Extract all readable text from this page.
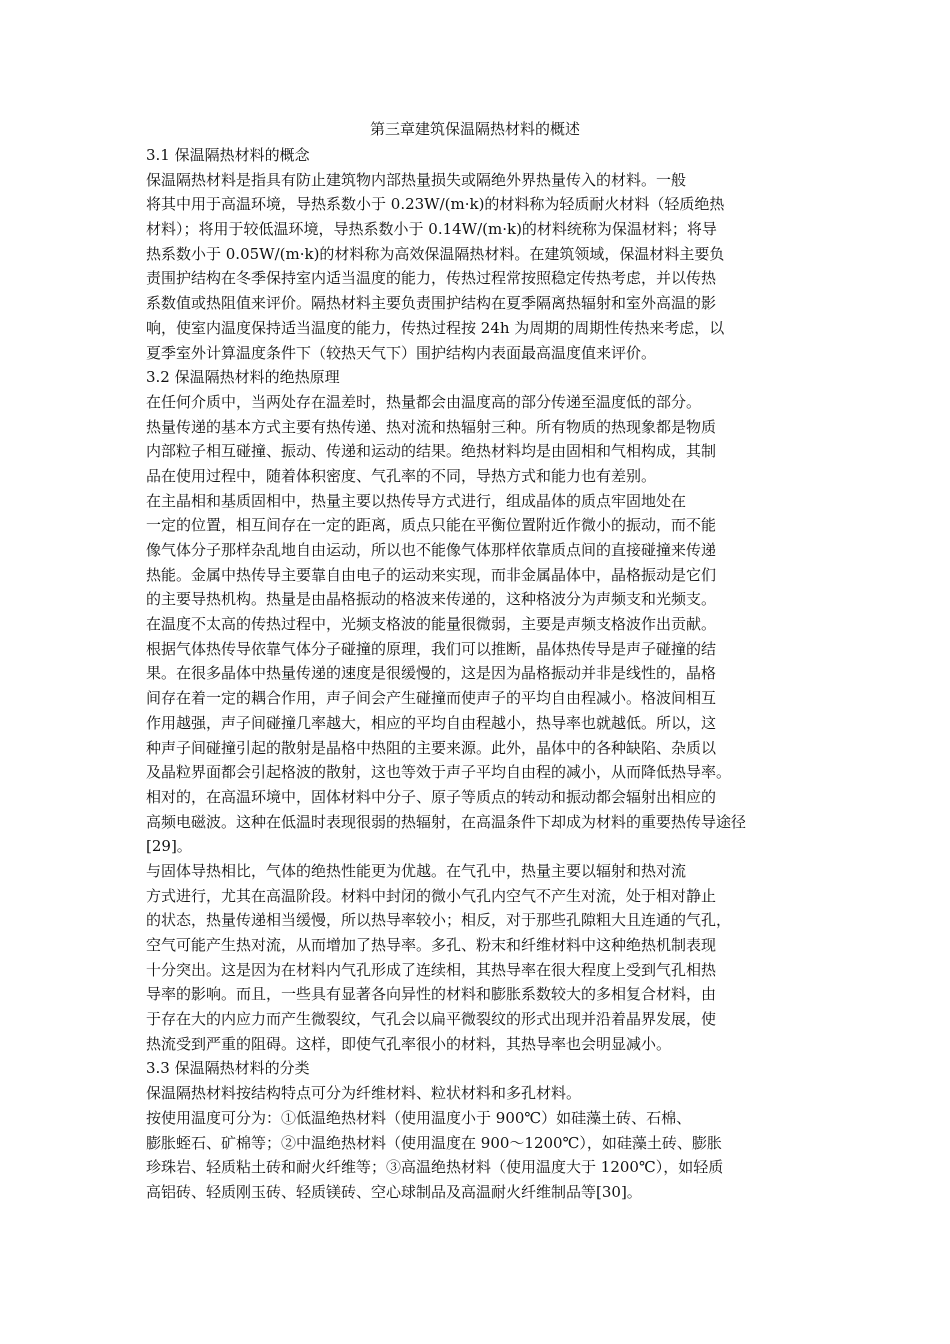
第三章建筑保温隔热材料的概述
3.1 保温隔热材料的概念
保温隔热材料是指具有防止建筑物内部热量损失或隔绝外界热量传入的材料。一般
将其中用于高温环境，导热系数小于 0.23W/(m·k)的材料称为轻质耐火材料（轻质绝热
材料）；将用于较低温环境，导热系数小于 0.14W/(m·k)的材料统称为保温材料；将导
热系数小于 0.05W/(m·k)的材料称为高效保温隔热材料。在建筑领域，保温材料主要负
责围护结构在冬季保持室内适当温度的能力，传热过程常按照稳定传热考虑，并以传热
系数值或热阻值来评价。隔热材料主要负责围护结构在夏季隔离热辐射和室外高温的影
响，使室内温度保持适当温度的能力，传热过程按 24h 为周期的周期性传热来考虑，以
夏季室外计算温度条件下（较热天气下）围护结构内表面最高温度值来评价。
3.2 保温隔热材料的绝热原理
在任何介质中，当两处存在温差时，热量都会由温度高的部分传递至温度低的部分。
热量传递的基本方式主要有热传递、热对流和热辐射三种。所有物质的热现象都是物质
内部粒子相互碰撞、振动、传递和运动的结果。绝热材料均是由固相和气相构成，其制
品在使用过程中，随着体积密度、气孔率的不同，导热方式和能力也有差别。
在主晶相和基质固相中，热量主要以热传导方式进行，组成晶体的质点牢固地处在
一定的位置，相互间存在一定的距离，质点只能在平衡位置附近作微小的振动，而不能
像气体分子那样杂乱地自由运动，所以也不能像气体那样依靠质点间的直接碰撞来传递
热能。金属中热传导主要靠自由电子的运动来实现，而非金属晶体中，晶格振动是它们
的主要导热机构。热量是由晶格振动的格波来传递的，这种格波分为声频支和光频支。
在温度不太高的传热过程中，光频支格波的能量很微弱，主要是声频支格波作出贡献。
根据气体热传导依靠气体分子碰撞的原理，我们可以推断，晶体热传导是声子碰撞的结
果。在很多晶体中热量传递的速度是很缓慢的，这是因为晶格振动并非是线性的，晶格
间存在着一定的耦合作用，声子间会产生碰撞而使声子的平均自由程减小。格波间相互
作用越强，声子间碰撞几率越大，相应的平均自由程越小，热导率也就越低。所以，这
种声子间碰撞引起的散射是晶格中热阻的主要来源。此外，晶体中的各种缺陷、杂质以
及晶粒界面都会引起格波的散射，这也等效于声子平均自由程的减小，从而降低热导率。
相对的，在高温环境中，固体材料中分子、原子等质点的转动和振动都会辐射出相应的
高频电磁波。这种在低温时表现很弱的热辐射，在高温条件下却成为材料的重要热传导途径
[29]。
与固体导热相比，气体的绝热性能更为优越。在气孔中，热量主要以辐射和热对流
方式进行，尤其在高温阶段。材料中封闭的微小气孔内空气不产生对流，处于相对静止
的状态，热量传递相当缓慢，所以热导率较小；相反，对于那些孔隙粗大且连通的气孔，
空气可能产生热对流，从而增加了热导率。多孔、粉末和纤维材料中这种绝热机制表现
十分突出。这是因为在材料内气孔形成了连续相，其热导率在很大程度上受到气孔相热
导率的影响。而且，一些具有显著各向异性的材料和膨胀系数较大的多相复合材料，由
于存在大的内应力而产生微裂纹，气孔会以扁平微裂纹的形式出现并沿着晶界发展，使
热流受到严重的阻碍。这样，即使气孔率很小的材料，其热导率也会明显减小。
3.3 保温隔热材料的分类
保温隔热材料按结构特点可分为纤维材料、粒状材料和多孔材料。
按使用温度可分为：①低温绝热材料（使用温度小于 900℃）如硅藻土砖、石棉、
膨胀蛭石、矿棉等；②中温绝热材料（使用温度在 900～1200℃），如硅藻土砖、膨胀
珍珠岩、轻质粘土砖和耐火纤维等；③高温绝热材料（使用温度大于 1200℃），如轻质
高铝砖、轻质刚玉砖、轻质镁砖、空心球制品及高温耐火纤维制品等[30]。
